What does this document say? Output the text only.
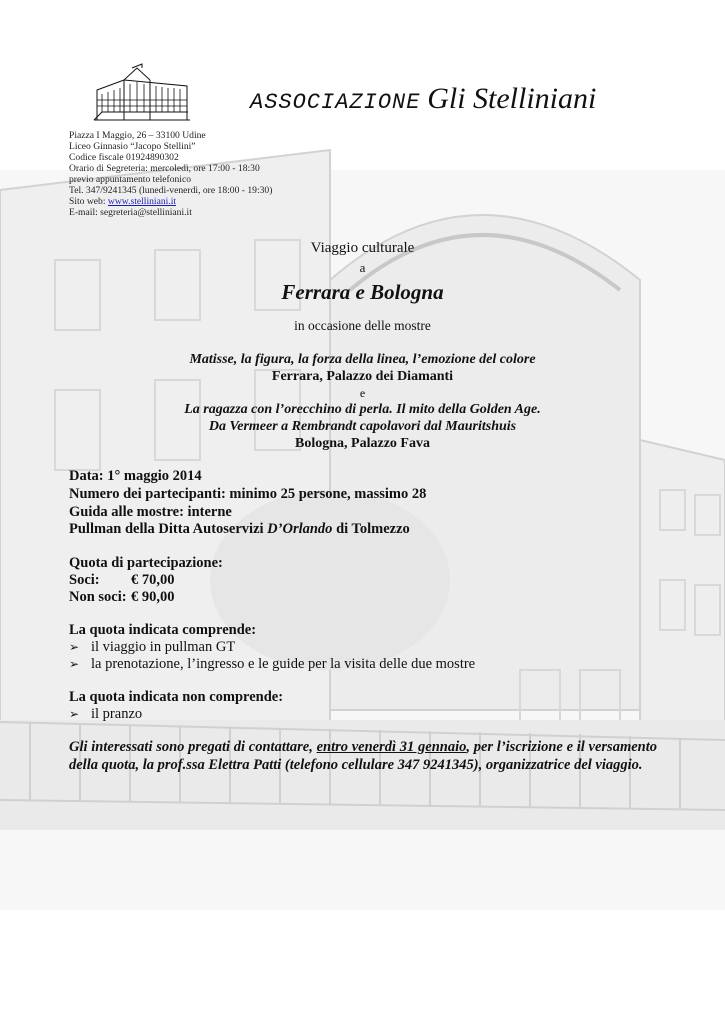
ASSOCIAZIONE Gli Stelliniani
Piazza I Maggio, 26 – 33100 Udine
Liceo Ginnasio “Jacopo Stellini”
Codice fiscale 01924890302
Orario di Segreteria: mercoledì, ore 17:00 - 18:30
previo appuntamento telefonico
Tel. 347/9241345 (lunedì-venerdì, ore 18:00 - 19:30)
Sito web: www.stelliniani.it
E-mail: segreteria@stelliniani.it
Viaggio culturale
a
Ferrara e Bologna
in occasione delle mostre
Matisse, la figura, la forza della linea, l’emozione del colore
Ferrara, Palazzo dei Diamanti
e
La ragazza con l’orecchino di perla. Il mito della Golden Age.
Da Vermeer a Rembrandt capolavori dal Mauritshuis
Bologna, Palazzo Fava
Data: 1° maggio 2014
Numero dei partecipanti: minimo 25 persone, massimo 28
Guida alle mostre: interne
Pullman della Ditta Autoservizi D’Orlando di Tolmezzo
Quota di partecipazione:
Soci: € 70,00
Non soci: € 90,00
La quota indicata comprende:
➢ il viaggio in pullman GT
➢ la prenotazione, l’ingresso e le guide per la visita delle due mostre
La quota indicata non comprende:
➢ il pranzo
Gli interessati sono pregati di contattare, entro venerdì 31 gennaio, per l’iscrizione e il versamento della quota, la prof.ssa Elettra Patti (telefono cellulare 347 9241345), organizzatrice del viaggio.
